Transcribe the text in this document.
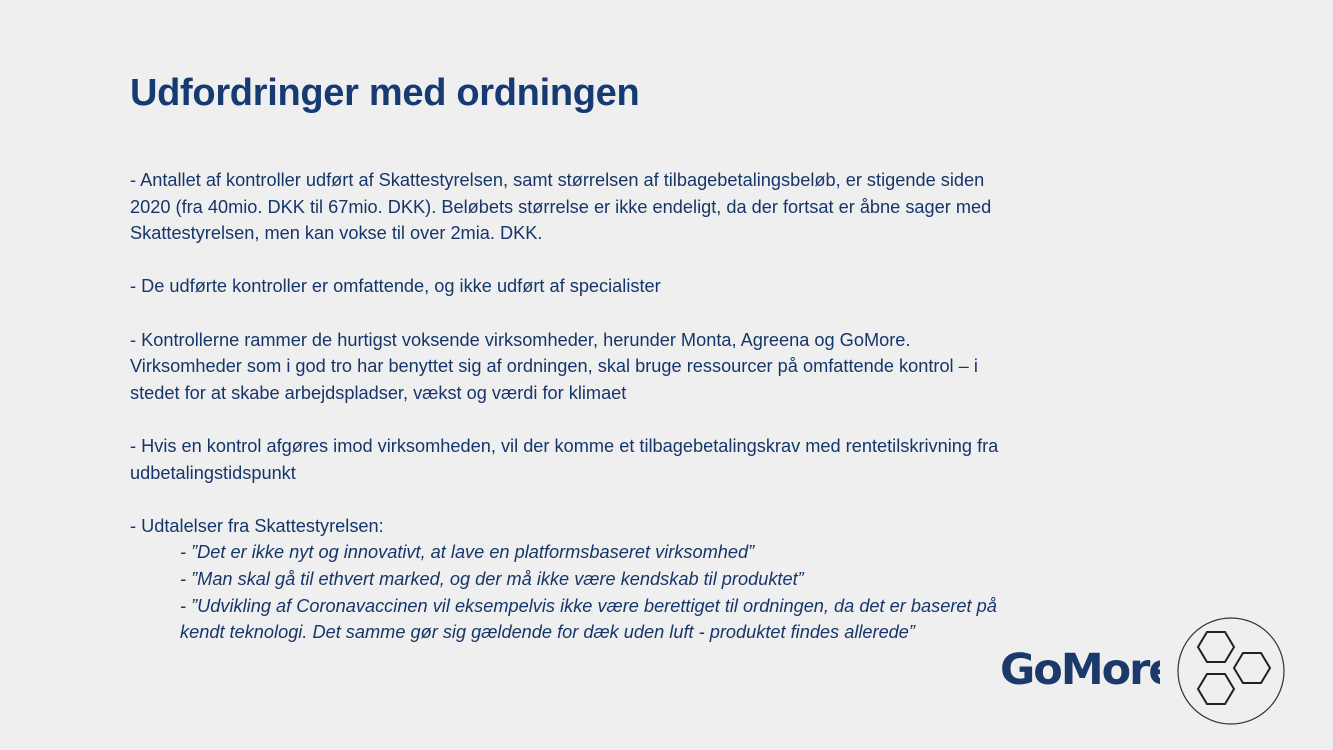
Udfordringer med ordningen

- Antallet af kontroller udført af Skattestyrelsen, samt størrelsen af tilbagebetalingsbeløb, er stigende siden 2020 (fra 40mio. DKK til 67mio. DKK). Beløbets størrelse er ikke endeligt, da der fortsat er åbne sager med Skattestyrelsen, men kan vokse til over 2mia. DKK.

- De udførte kontroller er omfattende, og ikke udført af specialister

- Kontrollerne rammer de hurtigst voksende virksomheder, herunder Monta, Agreena og GoMore. Virksomheder som i god tro har benyttet sig af ordningen, skal bruge ressourcer på omfattende kontrol – i stedet for at skabe arbejdspladser, vækst og værdi for klimaet

- Hvis en kontrol afgøres imod virksomheden, vil der komme et tilbagebetalingskrav med rentetilskrivning fra udbetalingstidspunkt

- Udtalelser fra Skattestyrelsen:

- ”Det er ikke nyt og innovativt, at lave en platformsbaseret virksomhed”

- ”Man skal gå til ethvert marked, og der må ikke være kendskab til produktet”

- ”Udvikling af Coronavaccinen vil eksempelvis ikke være berettiget til ordningen, da det er baseret på kendt teknologi. Det samme gør sig gældende for dæk uden luft - produktet findes allerede”

GoMore
